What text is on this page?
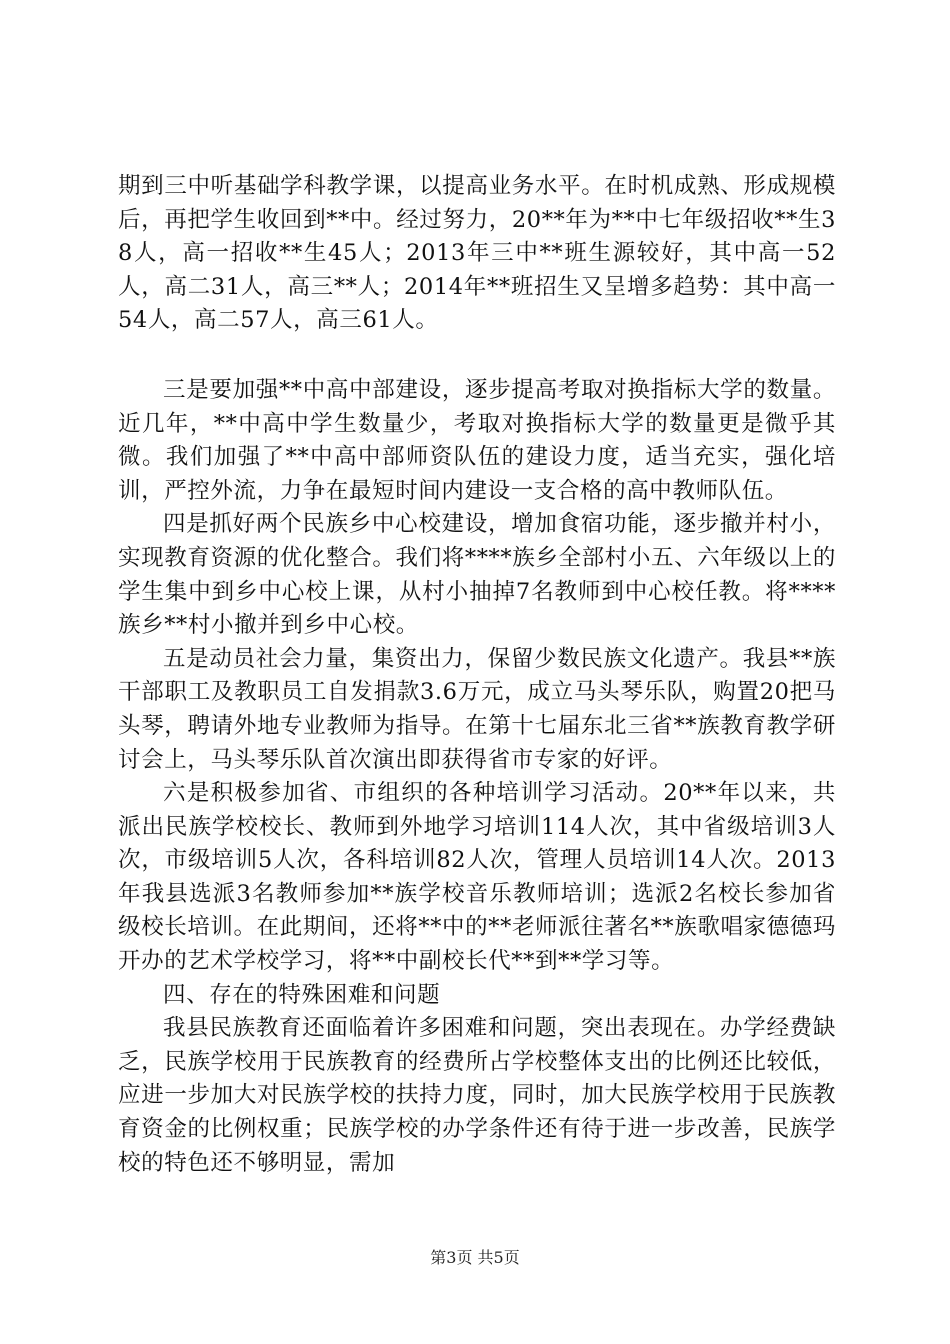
期到三中听基础学科教学课，以提高业务水平。在时机成熟、形成规模后，再把学生收回到**中。经过努力，20**年为**中七年级招收**生38人，高一招收**生45人；2013年三中**班生源较好，其中高一52人，高二31人，高三**人；2014年**班招生又呈增多趋势：其中高一54人，高二57人，高三61人。

三是要加强**中高中部建设，逐步提高考取对换指标大学的数量。近几年，**中高中学生数量少，考取对换指标大学的数量更是微乎其微。我们加强了**中高中部师资队伍的建设力度，适当充实，强化培训，严控外流，力争在最短时间内建设一支合格的高中教师队伍。

四是抓好两个民族乡中心校建设，增加食宿功能，逐步撤并村小，实现教育资源的优化整合。我们将****族乡全部村小五、六年级以上的学生集中到乡中心校上课，从村小抽掉7名教师到中心校任教。将****族乡**村小撤并到乡中心校。

五是动员社会力量，集资出力，保留少数民族文化遗产。我县**族干部职工及教职员工自发捐款3.6万元，成立马头琴乐队，购置20把马头琴，聘请外地专业教师为指导。在第十七届东北三省**族教育教学研讨会上，马头琴乐队首次演出即获得省市专家的好评。

六是积极参加省、市组织的各种培训学习活动。20**年以来，共派出民族学校校长、教师到外地学习培训114人次，其中省级培训3人次，市级培训5人次，各科培训82人次，管理人员培训14人次。2013年我县选派3名教师参加**族学校音乐教师培训；选派2名校长参加省级校长培训。在此期间，还将**中的**老师派往著名**族歌唱家德德玛开办的艺术学校学习，将**中副校长代**到**学习等。

四、存在的特殊困难和问题

我县民族教育还面临着许多困难和问题，突出表现在。办学经费缺乏，民族学校用于民族教育的经费所占学校整体支出的比例还比较低，应进一步加大对民族学校的扶持力度，同时，加大民族学校用于民族教育资金的比例权重；民族学校的办学条件还有待于进一步改善，民族学校的特色还不够明显，需加

第3页 共5页
